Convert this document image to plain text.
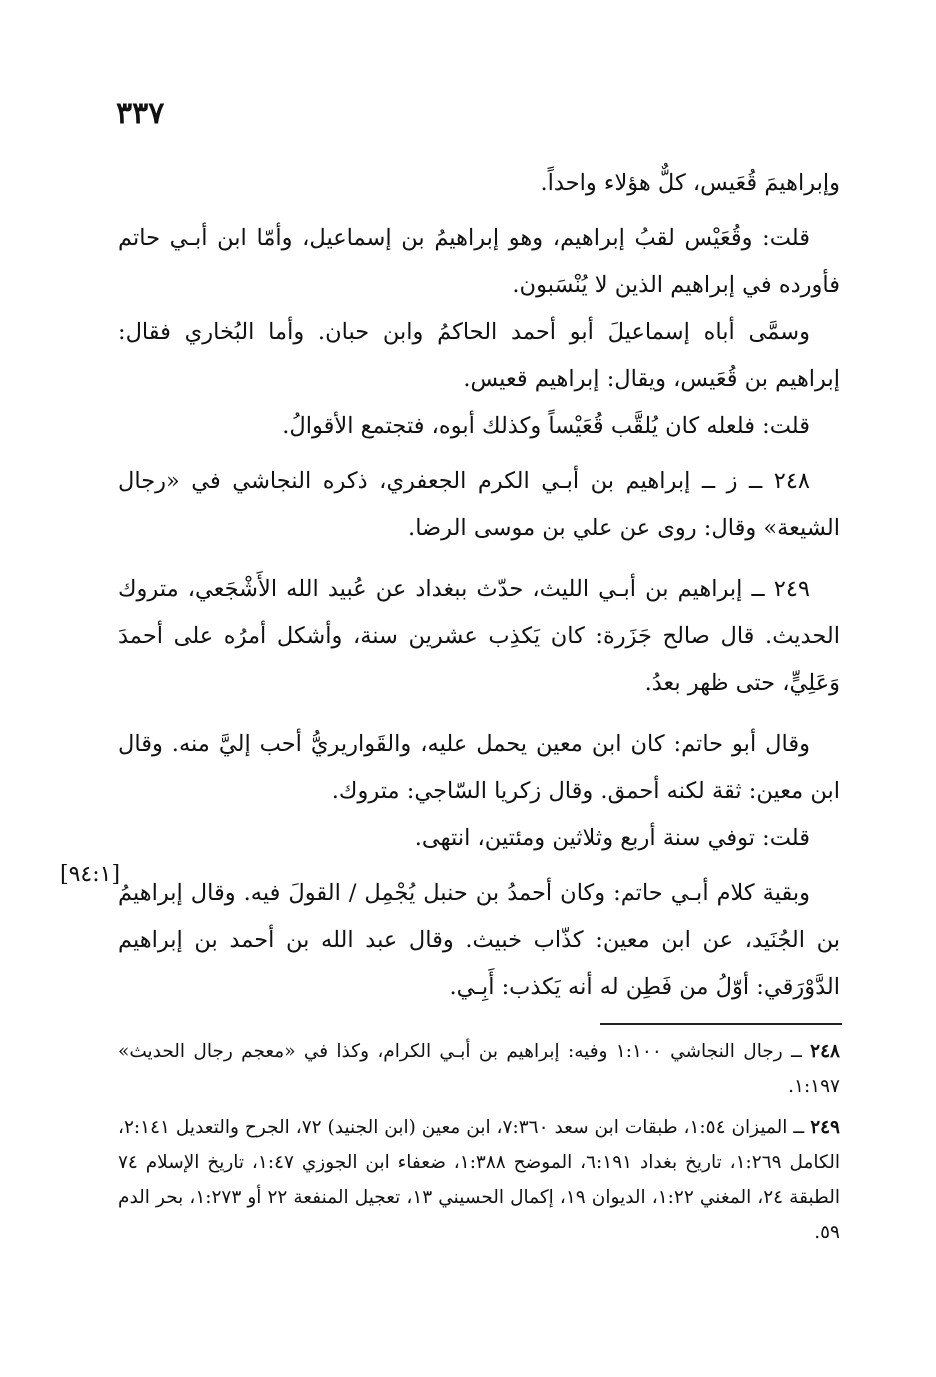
٣٣٧

وإبراهيمَ قُعَيس، كلٌّ هؤلاء واحداً.

قلت: وقُعَيْس لقبُ إبراهيم، وهو إبراهيمُ بن إسماعيل، وأمّا ابن أبـي حاتم فأورده في إبراهيم الذين لا يُنْسَبون.

وسمَّى أباه إسماعيلَ أبو أحمد الحاكمُ وابن حبان. وأما البُخاري فقال: إبراهيم بن قُعَيس، ويقال: إبراهيم قعيس.

قلت: فلعله كان يُلقَّب قُعَيْساً وكذلك أبوه، فتجتمع الأقوالُ.

٢٤٨ ــ ز ــ إبراهيم بن أبـي الكرم الجعفري، ذكره النجاشي في «رجال الشيعة» وقال: روى عن علي بن موسى الرضا.

٢٤٩ ــ إبراهيم بن أبـي الليث، حدّث ببغداد عن عُبيد الله الأَشْجَعي، متروك الحديث. قال صالح جَزَرة: كان يَكذِب عشرين سنة، وأشكل أمرُه على أحمدَ وَعَلِيٍّ، حتى ظهر بعدُ.

وقال أبو حاتم: كان ابن معين يحمل عليه، والقَواريريُّ أحب إليَّ منه. وقال ابن معين: ثقة لكنه أحمق. وقال زكريا السّاجي: متروك.

قلت: توفي سنة أربع وثلاثين ومئتين، انتهى.

وبقية كلام أبـي حاتم: وكان أحمدُ بن حنبل يُجْمِل / القولَ فيه. وقال إبراهيمُ بن الجُنَيد، عن ابن معين: كذّاب خبيث. وقال عبد الله بن أحمد بن إبراهيم الدَّوْرَقي: أوّلُ من فَطِن له أنه يَكذب: أَبِـي.

[٩٤:١]

٢٤٨ ــ رجال النجاشي ١:١٠٠ وفيه: إبراهيم بن أبـي الكرام، وكذا في «معجم رجال الحديث» ١:١٩٧.

٢٤٩ ــ الميزان ١:٥٤، طبقات ابن سعد ٧:٣٦٠، ابن معين (ابن الجنيد) ٧٢، الجرح والتعديل ٢:١٤١، الكامل ١:٢٦٩، تاريخ بغداد ٦:١٩١، الموضح ١:٣٨٨، ضعفاء ابن الجوزي ١:٤٧، تاريخ الإسلام ٧٤ الطبقة ٢٤، المغني ١:٢٢، الديوان ١٩، إكمال الحسيني ١٣، تعجيل المنفعة ٢٢ أو ١:٢٧٣، بحر الدم ٥٩.
